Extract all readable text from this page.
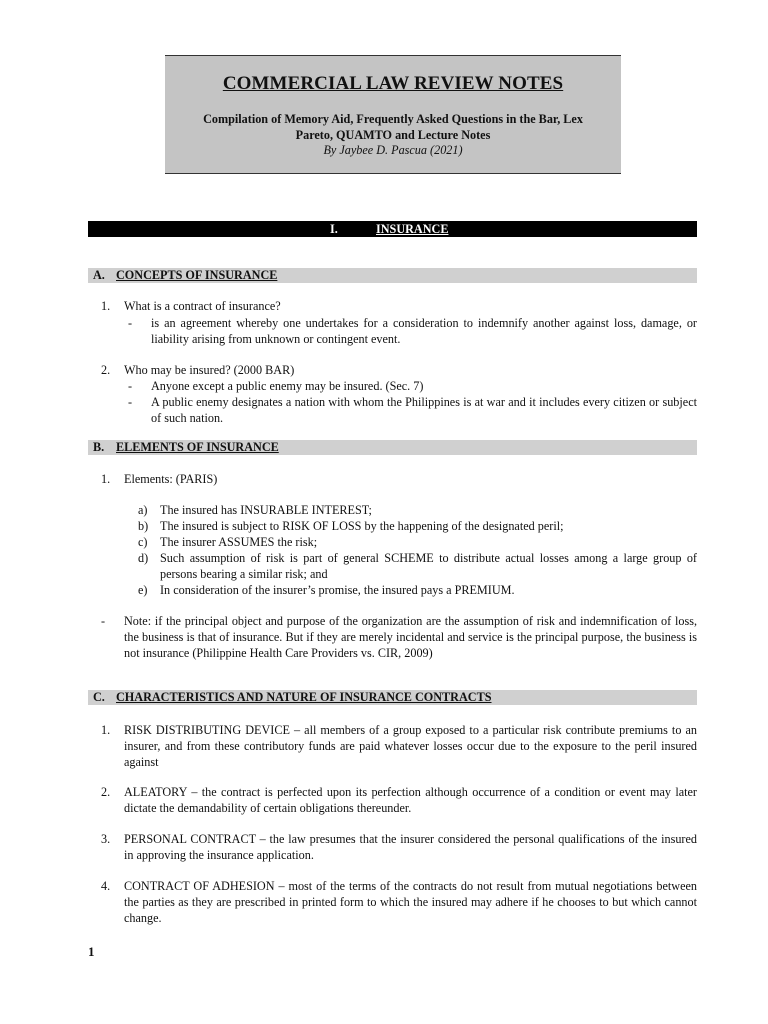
COMMERCIAL LAW REVIEW NOTES
Compilation of Memory Aid, Frequently Asked Questions in the Bar, Lex Pareto, QUAMTO and Lecture Notes
By Jaybee D. Pascua (2021)
I.	INSURANCE
A. CONCEPTS OF INSURANCE
1. What is a contract of insurance?
- is an agreement whereby one undertakes for a consideration to indemnify another against loss, damage, or liability arising from unknown or contingent event.
2. Who may be insured? (2000 BAR)
- Anyone except a public enemy may be insured. (Sec. 7)
- A public enemy designates a nation with whom the Philippines is at war and it includes every citizen or subject of such nation.
B. ELEMENTS OF INSURANCE
1. Elements: (PARIS)
a) The insured has INSURABLE INTEREST;
b) The insured is subject to RISK OF LOSS by the happening of the designated peril;
c) The insurer ASSUMES the risk;
d) Such assumption of risk is part of general SCHEME to distribute actual losses among a large group of persons bearing a similar risk; and
e) In consideration of the insurer’s promise, the insured pays a PREMIUM.
- Note: if the principal object and purpose of the organization are the assumption of risk and indemnification of loss, the business is that of insurance. But if they are merely incidental and service is the principal purpose, the business is not insurance (Philippine Health Care Providers vs. CIR, 2009)
C. CHARACTERISTICS AND NATURE OF INSURANCE CONTRACTS
1. RISK DISTRIBUTING DEVICE – all members of a group exposed to a particular risk contribute premiums to an insurer, and from these contributory funds are paid whatever losses occur due to the exposure to the peril insured against
2. ALEATORY – the contract is perfected upon its perfection although occurrence of a condition or event may later dictate the demandability of certain obligations thereunder.
3. PERSONAL CONTRACT – the law presumes that the insurer considered the personal qualifications of the insured in approving the insurance application.
4. CONTRACT OF ADHESION – most of the terms of the contracts do not result from mutual negotiations between the parties as they are prescribed in printed form to which the insured may adhere if he chooses to but which cannot change.
1
